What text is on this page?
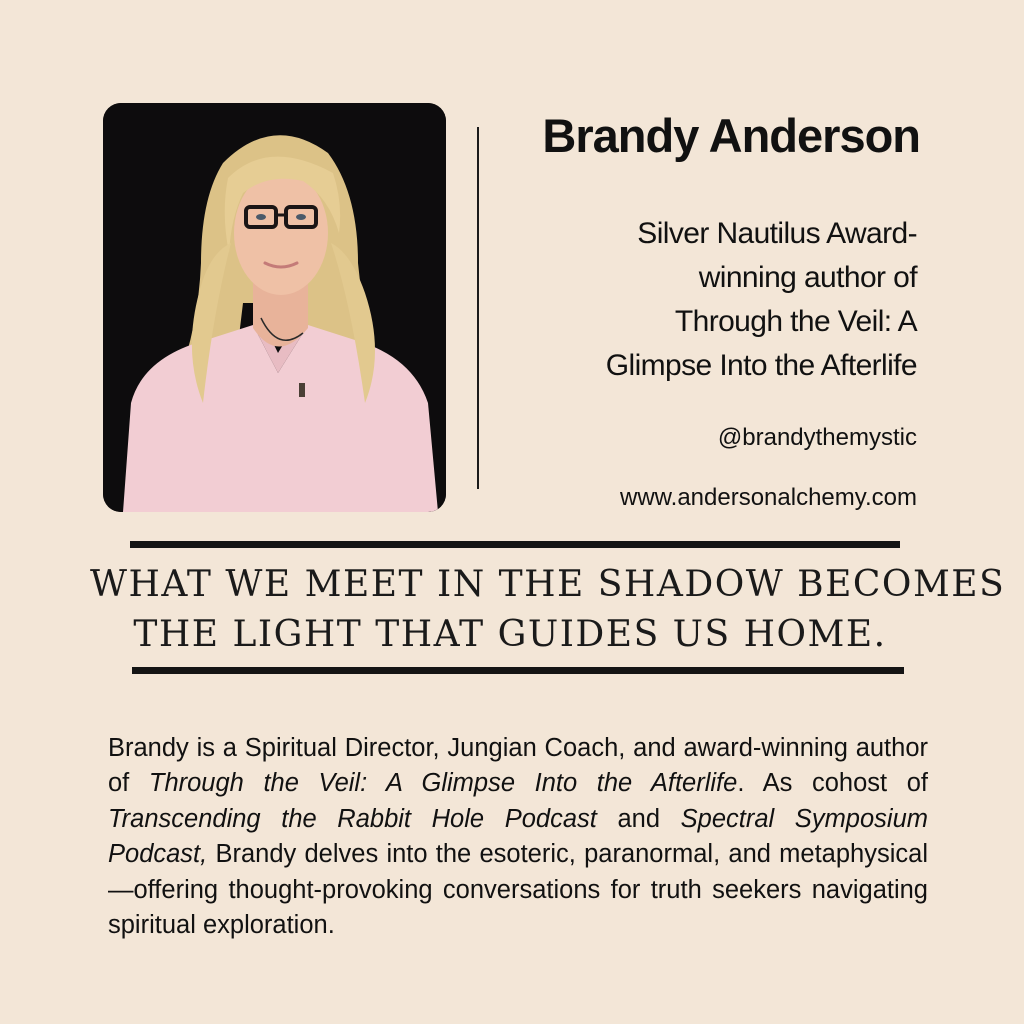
Brandy Anderson
Silver Nautilus Award-
winning author of
Through the Veil: A
Glimpse Into the Afterlife
@brandythemystic
www.andersonalchemy.com
WHAT WE MEET IN THE SHADOW BECOMES
THE LIGHT THAT GUIDES US HOME.

Brandy is a Spiritual Director, Jungian Coach, and award-winning author of Through the Veil: A Glimpse Into the Afterlife. As cohost of Transcending the Rabbit Hole Podcast and Spectral Symposium Podcast, Brandy delves into the esoteric, paranormal, and metaphysical—offering thought-provoking conversations for truth seekers navigating spiritual exploration.
